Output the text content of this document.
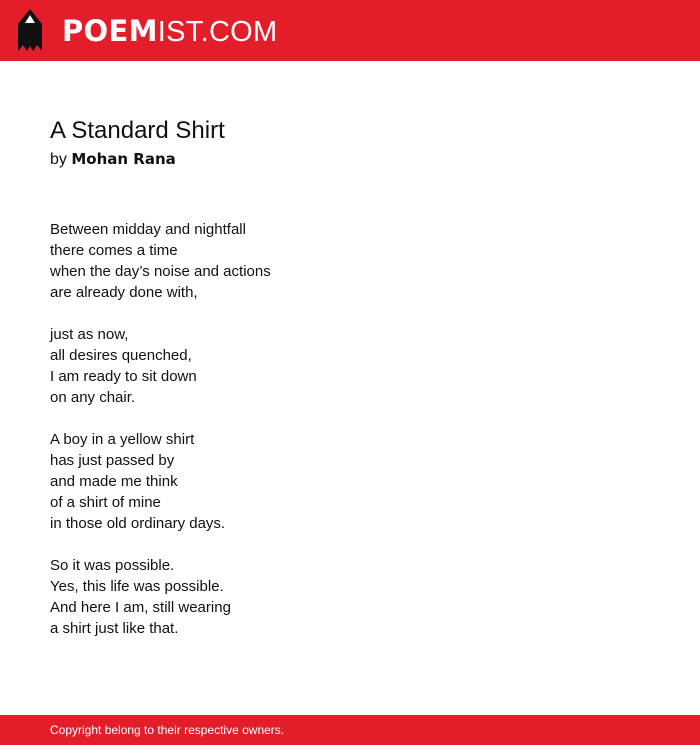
POEMIST.COM
A Standard Shirt

by Mohan Rana

Between midday and nightfall
there comes a time
when the day’s noise and actions
are already done with,
just as now,
all desires quenched,
I am ready to sit down
on any chair.
A boy in a yellow shirt
has just passed by
and made me think
of a shirt of mine
in those old ordinary days.
So it was possible.
Yes, this life was possible.
And here I am, still wearing
a shirt just like that.
Copyright belong to their respective owners.
